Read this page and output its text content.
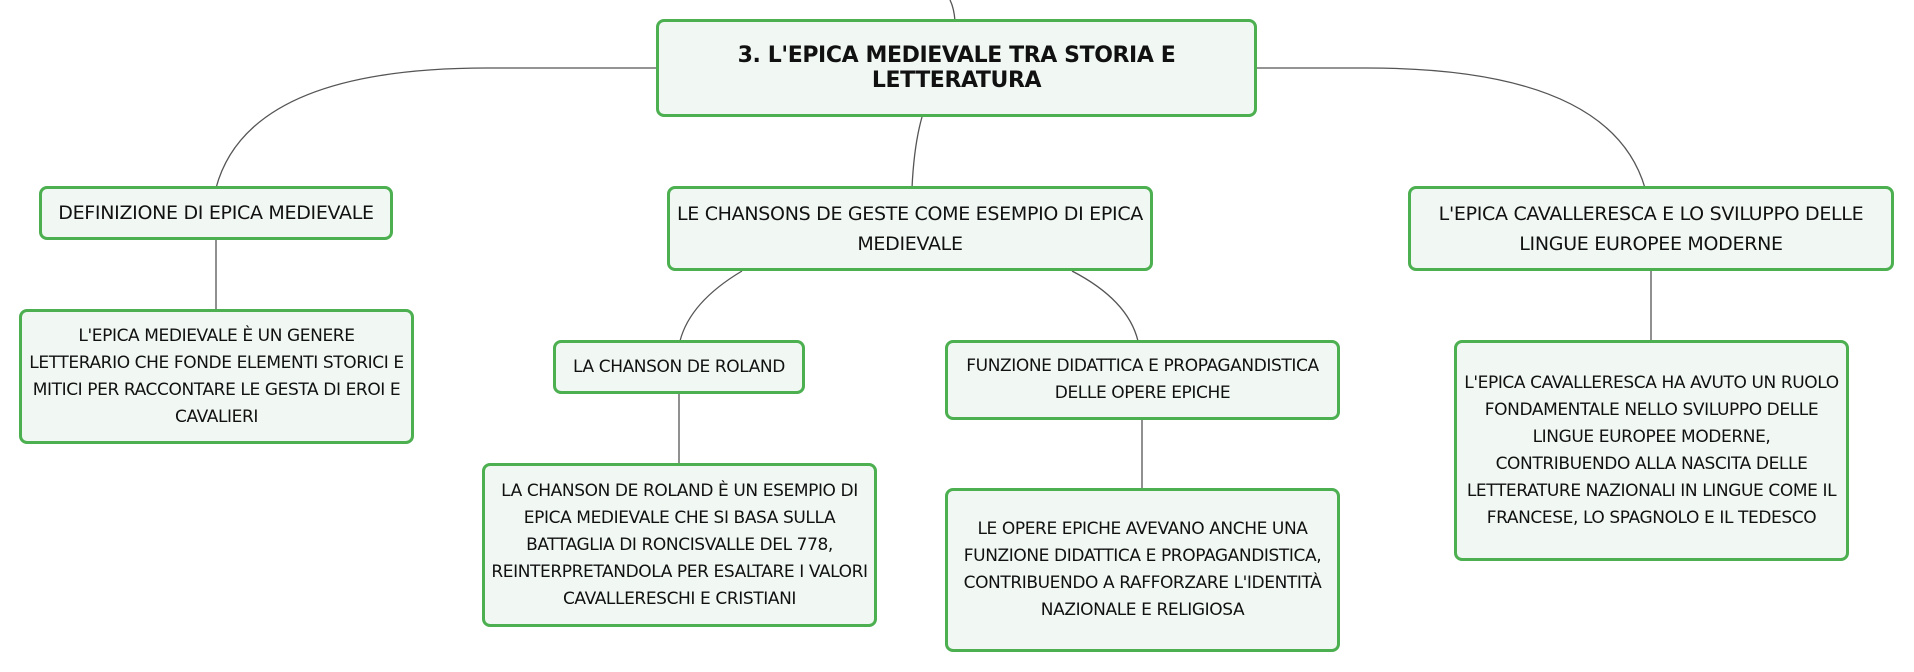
3. L'EPICA MEDIEVALE TRA STORIA E LETTERATURA
DEFINIZIONE DI EPICA MEDIEVALE
L'EPICA MEDIEVALE È UN GENERE LETTERARIO CHE FONDE ELEMENTI STORICI E MITICI PER RACCONTARE LE GESTA DI EROI E CAVALIERI
LE CHANSONS DE GESTE COME ESEMPIO DI EPICA MEDIEVALE
LA CHANSON DE ROLAND
LA CHANSON DE ROLAND È UN ESEMPIO DI EPICA MEDIEVALE CHE SI BASA SULLA BATTAGLIA DI RONCISVALLE DEL 778, REINTERPRETANDOLA PER ESALTARE I VALORI CAVALLERESCHI E CRISTIANI
FUNZIONE DIDATTICA E PROPAGANDISTICA DELLE OPERE EPICHE
LE OPERE EPICHE AVEVANO ANCHE UNA FUNZIONE DIDATTICA E PROPAGANDISTICA, CONTRIBUENDO A RAFFORZARE L'IDENTITÀ NAZIONALE E RELIGIOSA
L'EPICA CAVALLERESCA E LO SVILUPPO DELLE LINGUE EUROPEE MODERNE
L'EPICA CAVALLERESCA HA AVUTO UN RUOLO FONDAMENTALE NELLO SVILUPPO DELLE LINGUE EUROPEE MODERNE, CONTRIBUENDO ALLA NASCITA DELLE LETTERATURE NAZIONALI IN LINGUE COME IL FRANCESE, LO SPAGNOLO E IL TEDESCO
